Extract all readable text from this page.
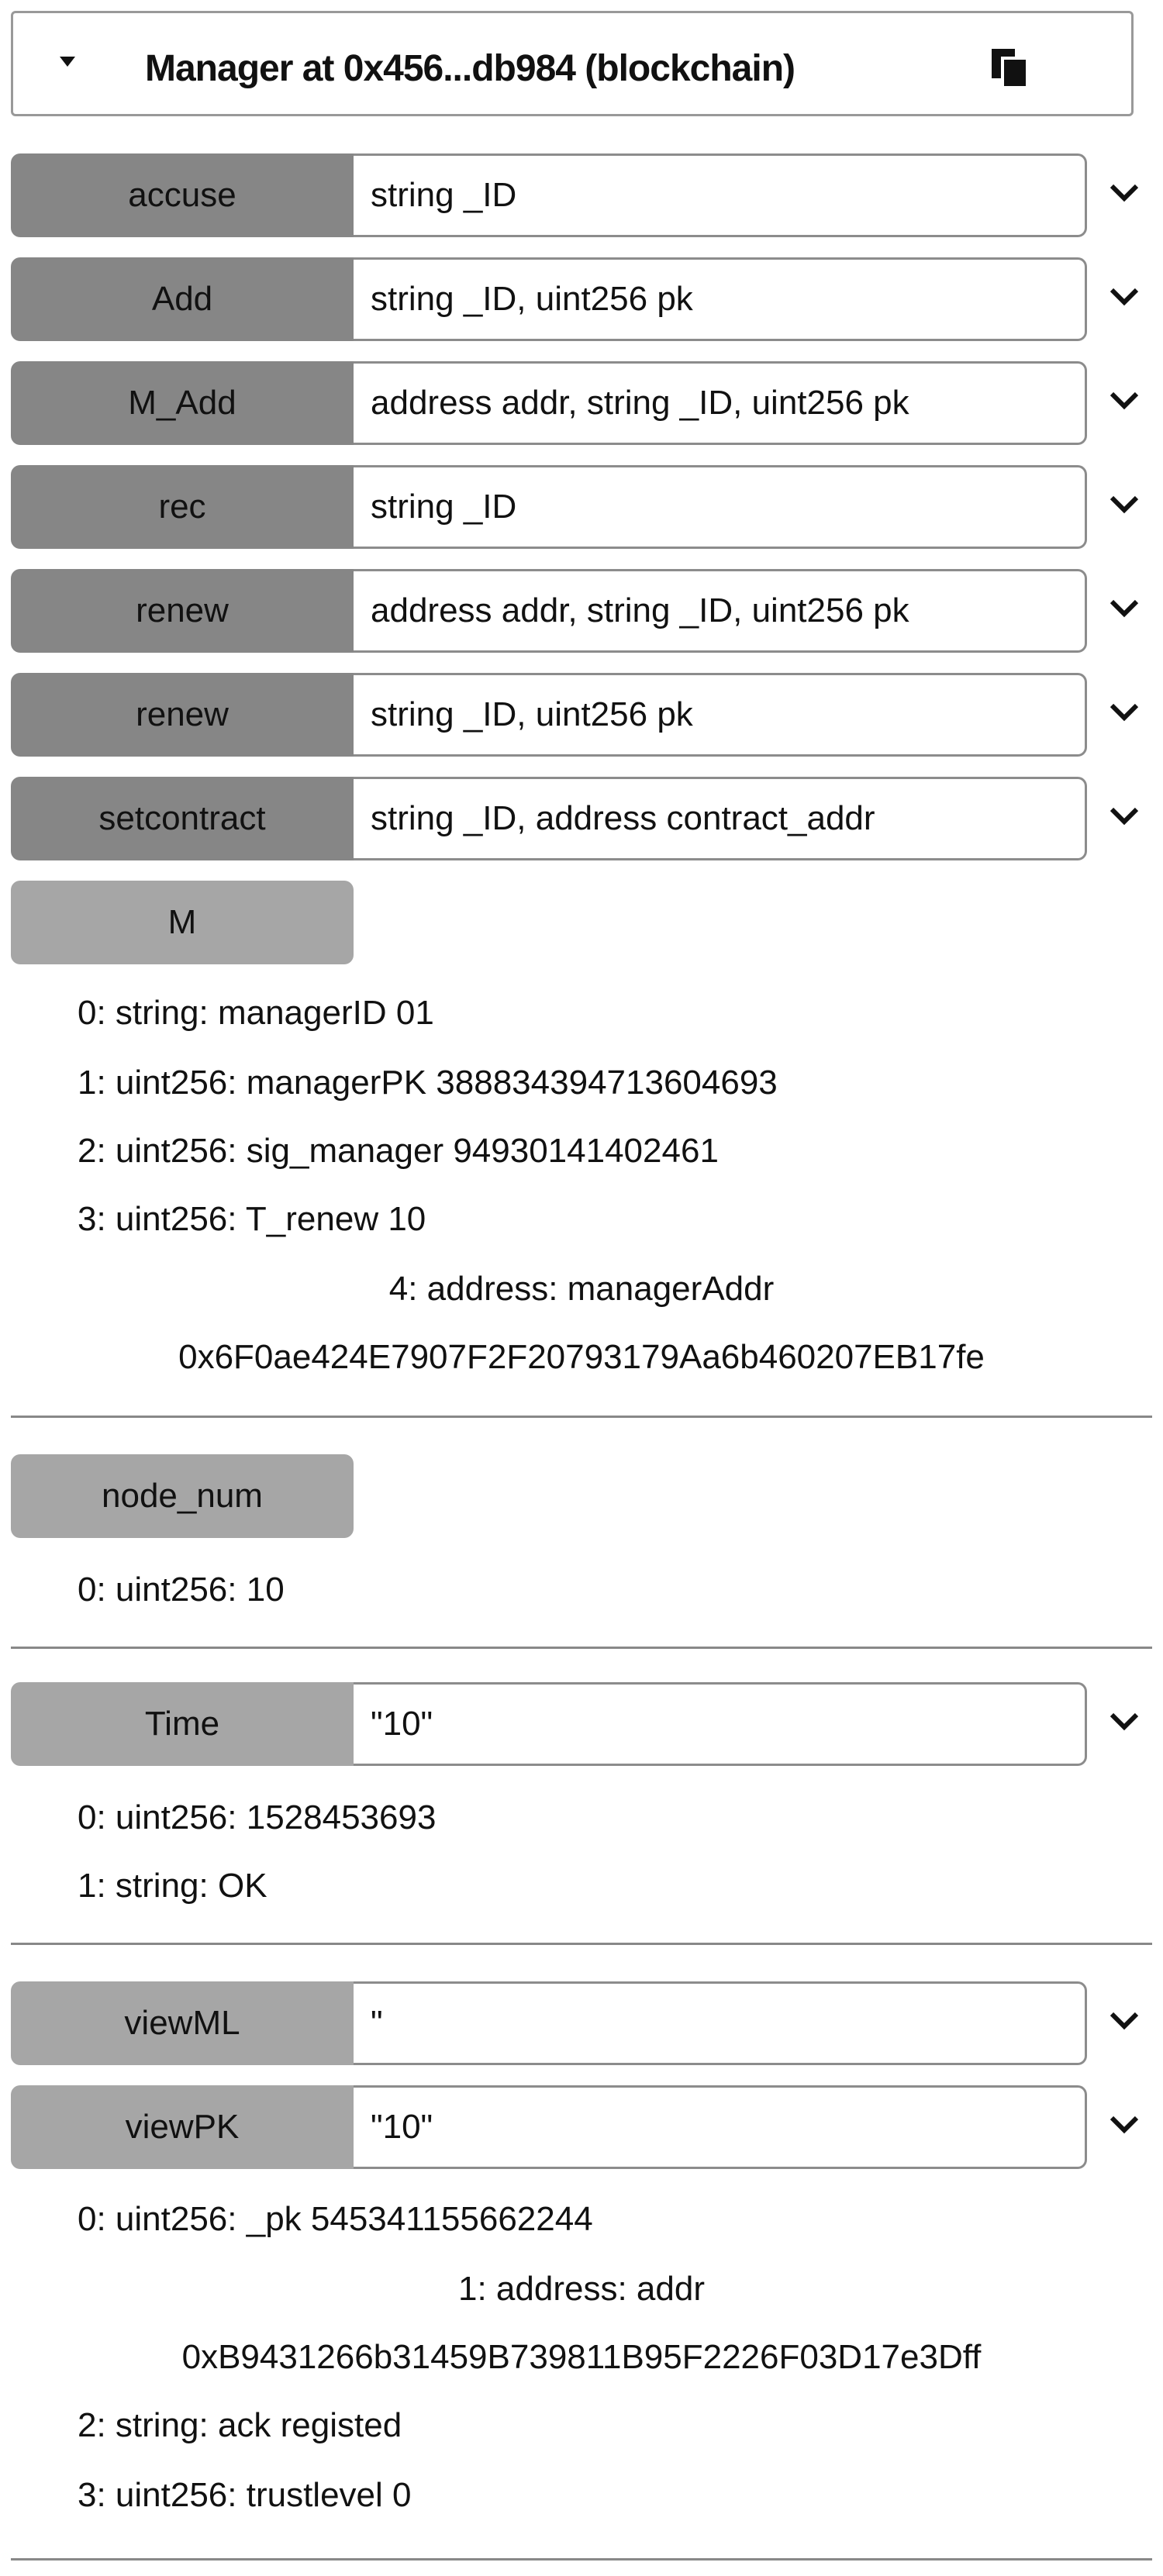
Manager at 0x456...db984 (blockchain)
accuse	string _ID
Add	string _ID, uint256 pk
M_Add	address addr, string _ID, uint256 pk
rec	string _ID
renew	address addr, string _ID, uint256 pk
renew	string _ID, uint256 pk
setcontract	string _ID, address contract_addr
M
0: string: managerID 01
1: uint256: managerPK 388834394713604693
2: uint256: sig_manager 94930141402461
3: uint256: T_renew 10
4: address: managerAddr
0x6F0ae424E7907F2F20793179Aa6b460207EB17fe
node_num
0: uint256: 10
Time	"10"
0: uint256: 1528453693
1: string: OK
viewML	"
viewPK	"10"
0: uint256: _pk 545341155662244
1: address: addr
0xB9431266b31459B739811B95F2226F03D17e3Dff
2: string: ack registed
3: uint256: trustlevel 0
